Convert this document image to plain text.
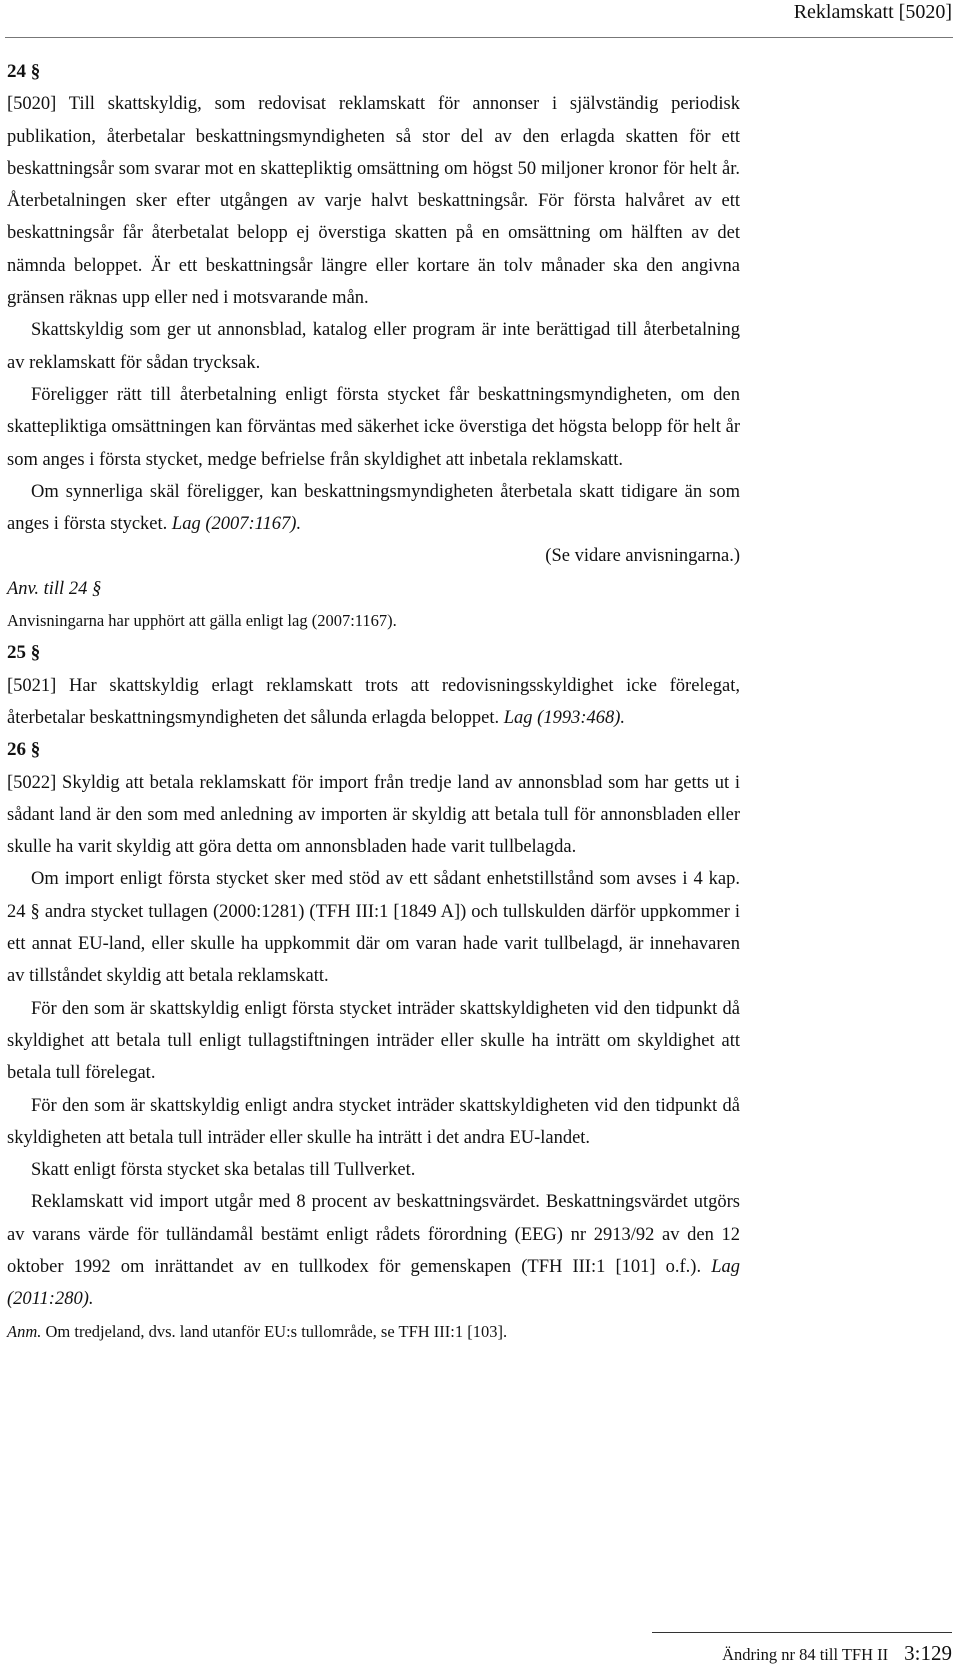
Reklamskatt [5020]

24 §

[5020] Till skattskyldig, som redovisat reklamskatt för annonser i självständig periodisk publikation, återbetalar beskattningsmyndigheten så stor del av den erlagda skatten för ett beskattningsår som svarar mot en skattepliktig omsättning om högst 50 miljoner kronor för helt år. Återbetalningen sker efter utgången av varje halvt beskattningsår. För första halvåret av ett beskattningsår får återbetalat belopp ej överstiga skatten på en omsättning om hälften av det nämnda beloppet. Är ett beskattningsår längre eller kortare än tolv månader ska den angivna gränsen räknas upp eller ned i motsvarande mån.

Skattskyldig som ger ut annonsblad, katalog eller program är inte berättigad till återbetalning av reklamskatt för sådan trycksak.

Föreligger rätt till återbetalning enligt första stycket får beskattningsmyndigheten, om den skattepliktiga omsättningen kan förväntas med säkerhet icke överstiga det högsta belopp för helt år som anges i första stycket, medge befrielse från skyldighet att inbetala reklamskatt.

Om synnerliga skäl föreligger, kan beskattningsmyndigheten återbetala skatt tidigare än som anges i första stycket. Lag (2007:1167).

(Se vidare anvisningarna.)

Anv. till 24 §

Anvisningarna har upphört att gälla enligt lag (2007:1167).

25 §

[5021] Har skattskyldig erlagt reklamskatt trots att redovisningsskyldighet icke förelegat, återbetalar beskattningsmyndigheten det sålunda erlagda beloppet. Lag (1993:468).

26 §

[5022] Skyldig att betala reklamskatt för import från tredje land av annonsblad som har getts ut i sådant land är den som med anledning av importen är skyldig att betala tull för annonsbladen eller skulle ha varit skyldig att göra detta om annonsbladen hade varit tullbelagda.

Om import enligt första stycket sker med stöd av ett sådant enhetstillstånd som avses i 4 kap. 24 § andra stycket tullagen (2000:1281) (TFH III:1 [1849 A]) och tullskulden därför uppkommer i ett annat EU-land, eller skulle ha uppkommit där om varan hade varit tullbelagd, är innehavaren av tillståndet skyldig att betala reklamskatt.

För den som är skattskyldig enligt första stycket inträder skattskyldigheten vid den tidpunkt då skyldighet att betala tull enligt tullagstiftningen inträder eller skulle ha inträtt om skyldighet att betala tull förelegat.

För den som är skattskyldig enligt andra stycket inträder skattskyldigheten vid den tidpunkt då skyldigheten att betala tull inträder eller skulle ha inträtt i det andra EU-landet.

Skatt enligt första stycket ska betalas till Tullverket.

Reklamskatt vid import utgår med 8 procent av beskattningsvärdet. Beskattningsvärdet utgörs av varans värde för tulländamål bestämt enligt rådets förordning (EEG) nr 2913/92 av den 12 oktober 1992 om inrättandet av en tullkodex för gemenskapen (TFH III:1 [101] o.f.). Lag (2011:280).

Anm. Om tredjeland, dvs. land utanför EU:s tullområde, se TFH III:1 [103].

Ändring nr 84 till TFH II 3:129
